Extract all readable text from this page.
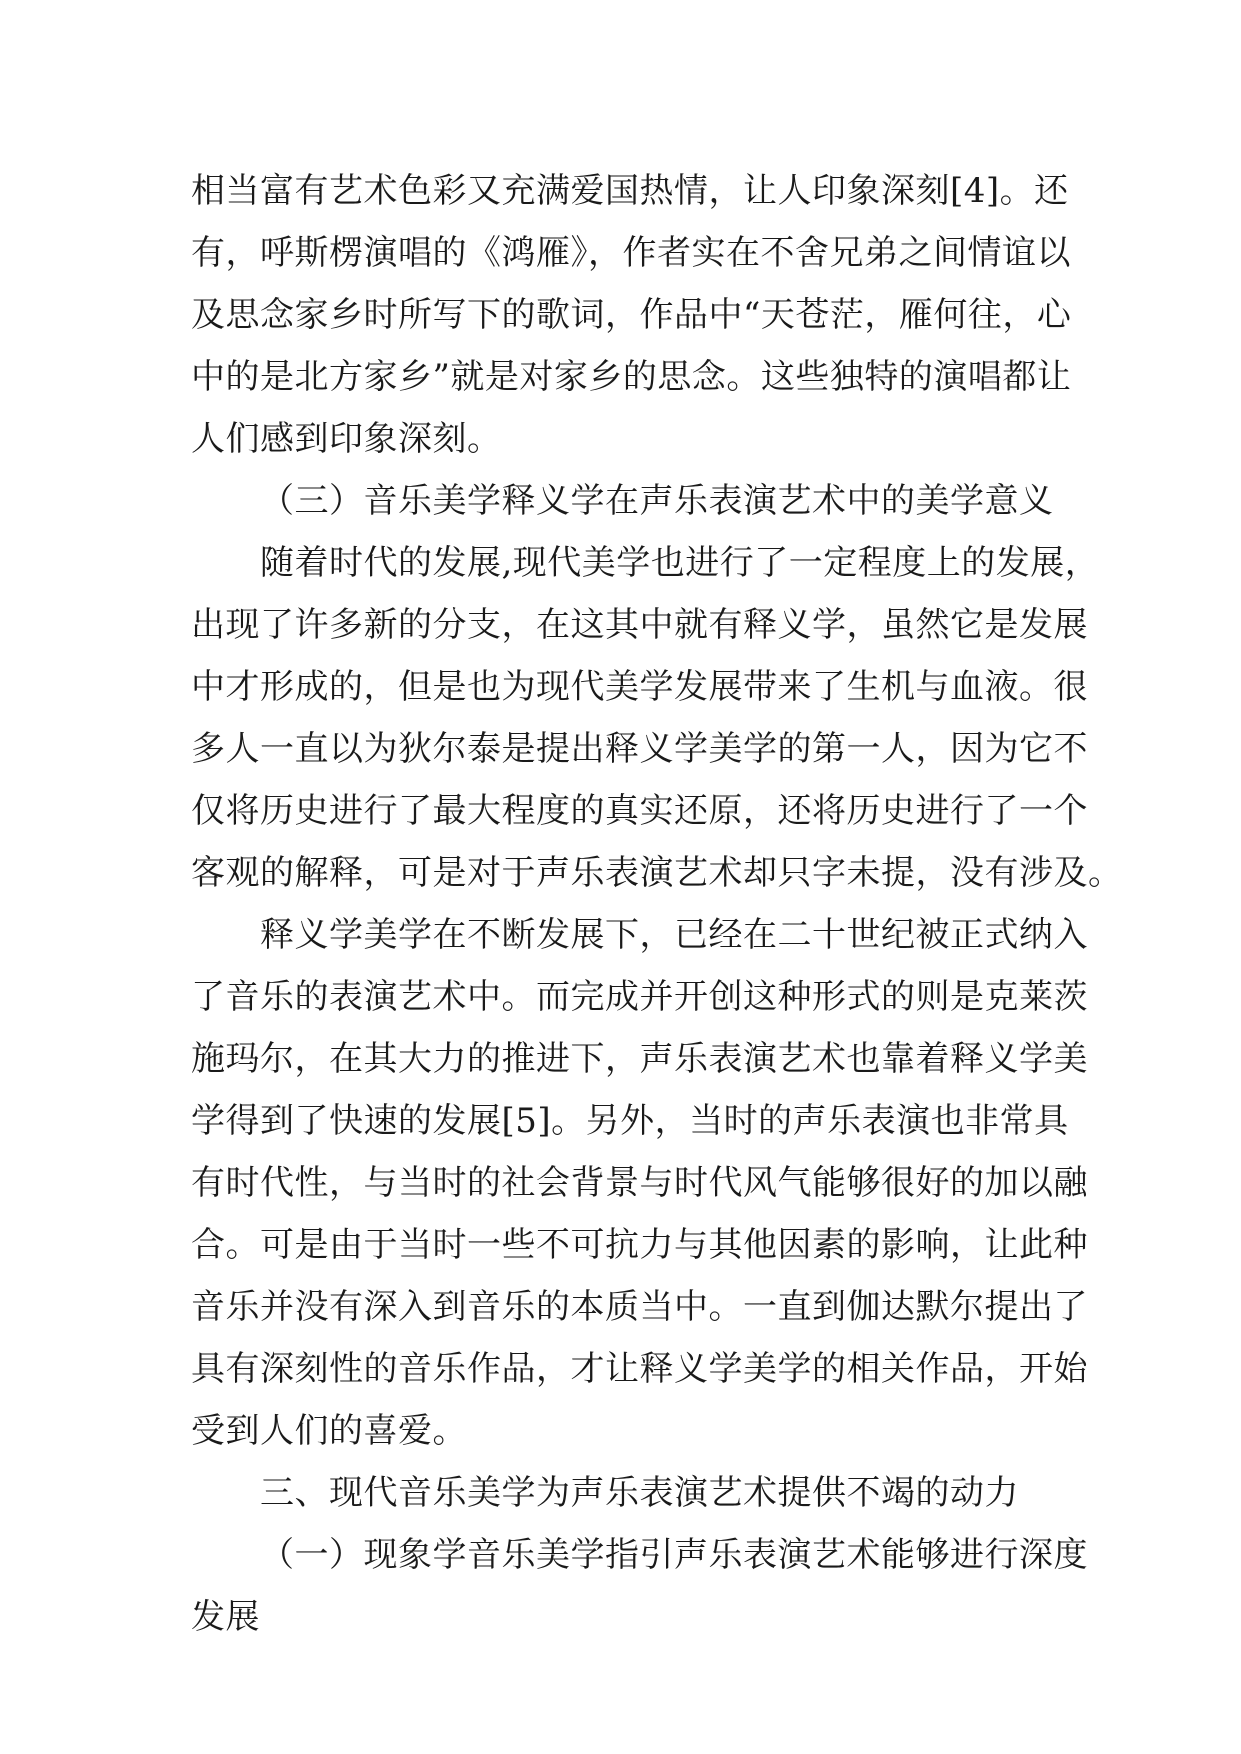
相当富有艺术色彩又充满爱国热情，让人印象深刻[4]。还
有，呼斯楞演唱的《鸿雁》，作者实在不舍兄弟之间情谊以
及思念家乡时所写下的歌词，作品中“天苍茫，雁何往，心
中的是北方家乡”就是对家乡的思念。这些独特的演唱都让
人们感到印象深刻。
（三）音乐美学释义学在声乐表演艺术中的美学意义
随着时代的发展,现代美学也进行了一定程度上的发展，
出现了许多新的分支，在这其中就有释义学，虽然它是发展
中才形成的，但是也为现代美学发展带来了生机与血液。很
多人一直以为狄尔泰是提出释义学美学的第一人，因为它不
仅将历史进行了最大程度的真实还原，还将历史进行了一个
客观的解释，可是对于声乐表演艺术却只字未提，没有涉及。
释义学美学在不断发展下，已经在二十世纪被正式纳入
了音乐的表演艺术中。而完成并开创这种形式的则是克莱茨
施玛尔，在其大力的推进下，声乐表演艺术也靠着释义学美
学得到了快速的发展[5]。另外，当时的声乐表演也非常具
有时代性，与当时的社会背景与时代风气能够很好的加以融
合。可是由于当时一些不可抗力与其他因素的影响，让此种
音乐并没有深入到音乐的本质当中。一直到伽达默尔提出了
具有深刻性的音乐作品，才让释义学美学的相关作品，开始
受到人们的喜爱。
三、现代音乐美学为声乐表演艺术提供不竭的动力
（一）现象学音乐美学指引声乐表演艺术能够进行深度
发展
